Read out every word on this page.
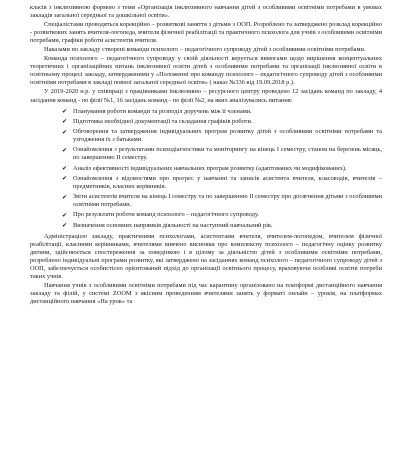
класів з інклюзивною формою з теми «Організація інклюзивного навчання дітей з особливими освітніми потребами в умовах закладів загальної середньої та дошкільної освіти».

Спеціалістами проводяться корекційно – розвиткові заняття з дітьми з ООП. Розроблено та затверджено розклад корекційно - розвиткових занять вчителя-логопеда, вчителя фізичної реабілітації та практичного психолога для учнів з особливими освітніми потребами, графіки роботи асистентів вчителя.

Наказами по закладу створені команди психолого – педагогічного супроводу дітей з особливими освітніми потребами.

Команда психолого – педагогічного супроводу у своїй діяльності керується вимогами щодо вирішення концептуальних теоретичних і організаційних питань інклюзивної освіти дітей з особливими потребами та організації інклюзивної освіти в освітньому процесі закладу, затвердженими у «Положенні про команду психолого – педагогічного супроводу дітей з особливими освітніми потребами в закладі повної загальної середньої освіти» ( наказ №336 від 19.09.2018 р.).

У 2019-2020 н.р. у співпраці з працівниками інклюзивно – ресурсного центру проведено 12 засідань команд по закладу, 4 засідання команд - по філії №1, 16 засідань команд - по філії №2, на яких аналізувались питання:

✔ Планування роботи команди та розподіл доручень між її членами.
✔ Підготовка необхідної документації та складання графіків роботи.
✔ Обговорення та затвердження індивідуальних програм розвитку дітей з особливими освітніми потребами та узгодження їх з батьками.
✔ Ознайомлення з результатами психодіагностики та моніторингу на кінець І семестру, станом на березень місяць, по завершенню ІІ семестру.
✔ Аналіз ефективності індивідуальних навчальних програм розвитку (адаптованих чи модифікованих).
✔ Ознайомлення з відомостями про прогрес у навчанні та записів асистента вчителя, класоводів, вчителів – предметників, класних керівників.
✔ Звіти асистентів вчителя на кінець І семестру та по завершенню ІІ семестру про досягнення дітьми з особливими освітніми потребами.
✔ Про результати роботи команд психолого – педагогічного супроводу.
✔ Визначення основних напрямків діяльності на наступний навчальний рік.

Адміністрацією закладу, практичними психологами, асистентами вчителя, вчителем-логопедом, вчителем фізичної реабілітації, класними керівниками, вчителями вивчено висновки про комплексну психолого – педагогічну оцінку розвитку дитини, здійснюється спостереження за поведінкою і в цілому за діяльністю дітей з особливими освітніми потребами, розроблено індивідуальні програми розвитку, які затверджено на засіданнях команд психолого – педагогічного супроводу дітей з ООП, забезпечується особистісно орієнтований підхід до організації освітнього процесу, враховуючи особливі освітні потреби таких учнів.

Навчання учнів з особливими освітніми потребами під час карантину організовано на платформі дистанційного навчання закладу та філій, у системі ZOOM з якісним проведенням вчителями занять у форматі онлайн – уроків, на платформах дистанційного навчання «На урок» та
